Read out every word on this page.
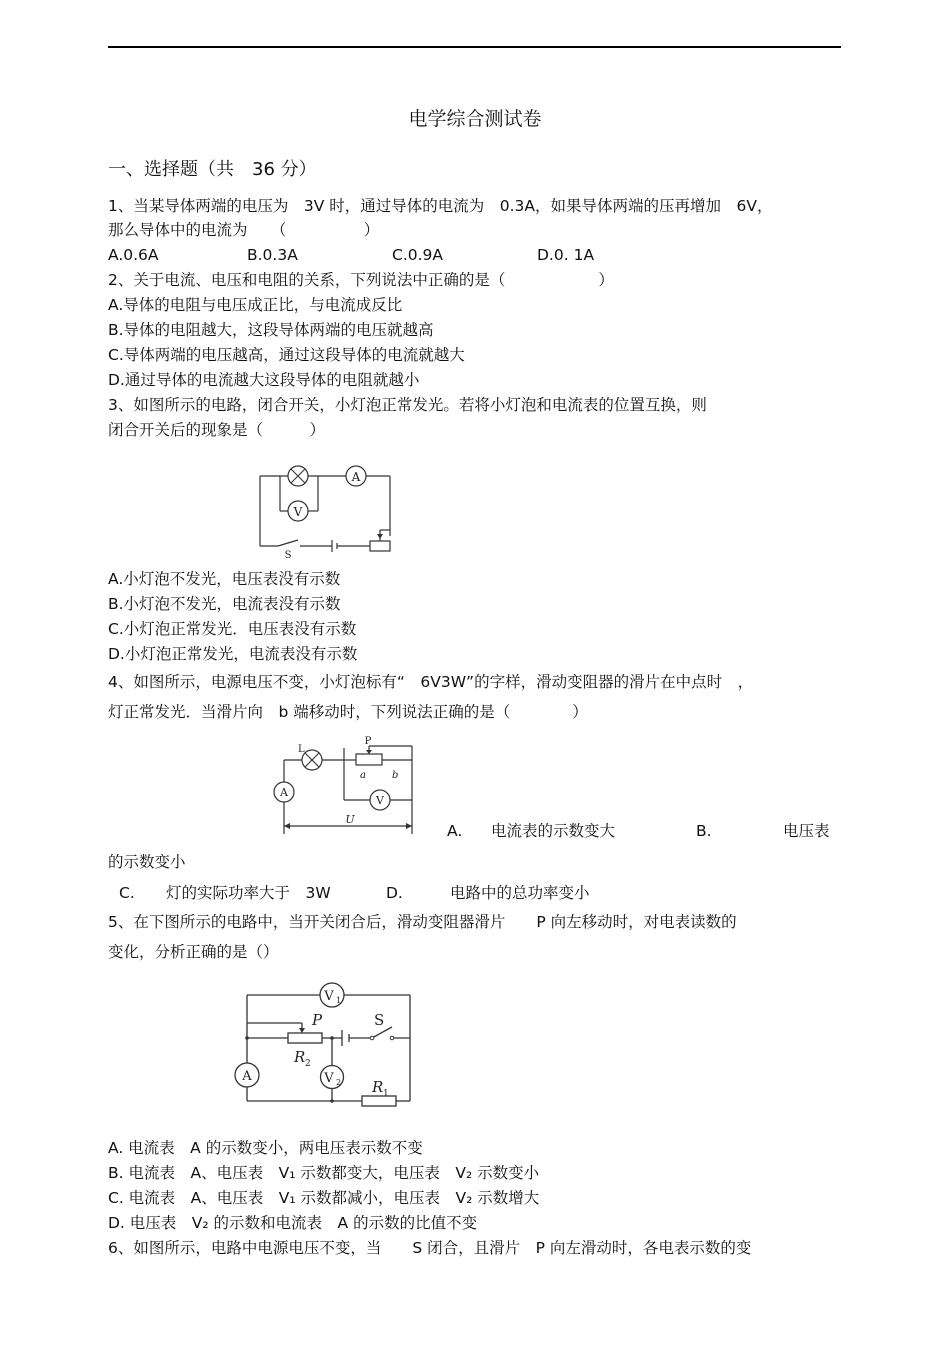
电学综合测试卷
一、选择题（共　36 分）
1、当某导体两端的电压为　3V 时，通过导体的电流为　0.3A，如果导体两端的压再增加　6V，
那么导体中的电流为　　（　　　　　）
A.0.6A	B.0.3A	C.0.9A	D.0. 1A
2、关于电流、电压和电阻的关系，下列说法中正确的是（　　　　　　）
A.导体的电阻与电压成正比，与电流成反比
B.导体的电阻越大，这段导体两端的电压就越高
C.导体两端的电压越高，通过这段导体的电流就越大
D.通过导体的电流越大这段导体的电阻就越小
3、如图所示的电路，闭合开关，小灯泡正常发光。若将小灯泡和电流表的位置互换，则
闭合开关后的现象是（　　　）
A
V
S
A.小灯泡不发光，电压表没有示数
B.小灯泡不发光，电流表没有示数
C.小灯泡正常发光．电压表没有示数
D.小灯泡正常发光，电流表没有示数
4、如图所示，电源电压不变，小灯泡标有“　6V3W”的字样，滑动变阻器的滑片在中点时　，
灯正常发光．当滑片向　b 端移动时，下列说法正确的是（　　　　）
L
P
a	b
A
V
U
A. 电流表的示数变大	B.	电压表
的示数变小
C. 灯的实际功率大于　3W	D.	电路中的总功率变小
5、在下图所示的电路中，当开关闭合后，滑动变阻器滑片　　P 向左移动时，对电表读数的
变化，分析正确的是（）
V 1
P	S
R 2
A	V 2 R 1
A. 电流表　A 的示数变小，两电压表示数不变
B. 电流表　A、电压表　V₁ 示数都变大，电压表　V₂ 示数变小
C. 电流表　A、电压表　V₁ 示数都减小，电压表　V₂ 示数增大
D. 电压表　V₂ 的示数和电流表　A 的示数的比值不变
6、如图所示，电路中电源电压不变，当　　S 闭合，且滑片　P 向左滑动时，各电表示数的变
